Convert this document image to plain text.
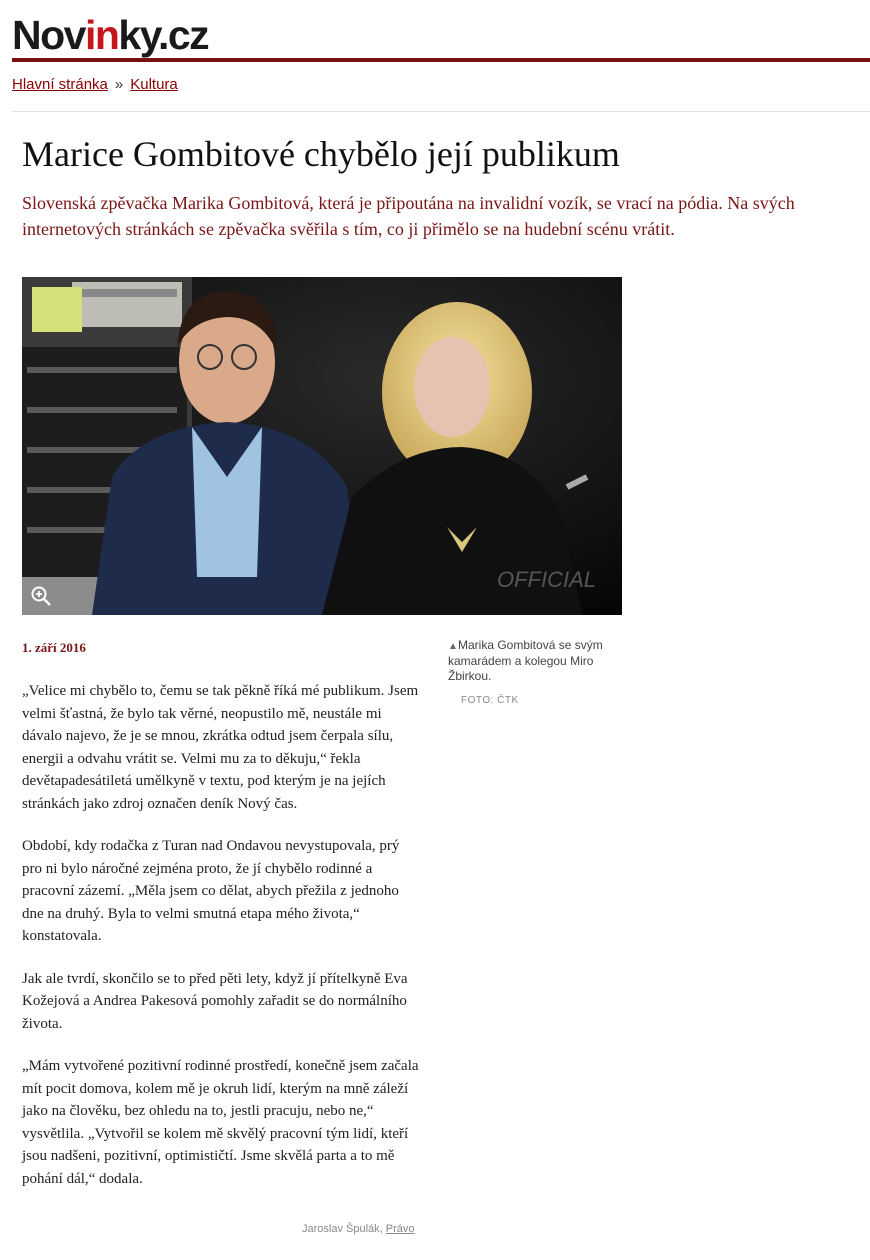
Novinky.cz
Hlavní stránka » Kultura
Marice Gombitové chybělo její publikum

Slovenská zpěvačka Marika Gombitová, která je připoutána na invalidní vozík, se vrací na pódia. Na svých internetových stránkách se zpěvačka svěřila s tím, co ji přimělo se na hudební scénu vrátit.

OFFICIAL
1. září 2016	▲Marika Gombitová se svým kamarádem a kolegou Miro Žbirkou.
FOTO: ČTK

„Velice mi chybělo to, čemu se tak pěkně říká mé publikum. Jsem velmi šťastná, že bylo tak věrné, neopustilo mě, neustále mi dávalo najevo, že je se mnou, zkrátka odtud jsem čerpala sílu, energii a odvahu vrátit se. Velmi mu za to děkuju,“ řekla devětapadesátiletá umělkyně v textu, pod kterým je na jejích stránkách jako zdroj označen deník Nový čas.

Období, kdy rodačka z Turan nad Ondavou nevystupovala, prý pro ni bylo náročné zejména proto, že jí chybělo rodinné a pracovní zázemí. „Měla jsem co dělat, abych přežila z jednoho dne na druhý. Byla to velmi smutná etapa mého života,“ konstatovala.

Jak ale tvrdí, skončilo se to před pěti lety, když jí přítelkyně Eva Kožejová a Andrea Pakesová pomohly zařadit se do normálního života.

„Mám vytvořené pozitivní rodinné prostředí, konečně jsem začala mít pocit domova, kolem mě je okruh lidí, kterým na mně záleží jako na člověku, bez ohledu na to, jestli pracuju, nebo ne,“ vysvětlila. „Vytvořil se kolem mě skvělý pracovní tým lidí, kteří jsou nadšeni, pozitivní, optimističtí. Jsme skvělá parta a to mě pohání dál,“ dodala.

Jaroslav Špulák, Právo
